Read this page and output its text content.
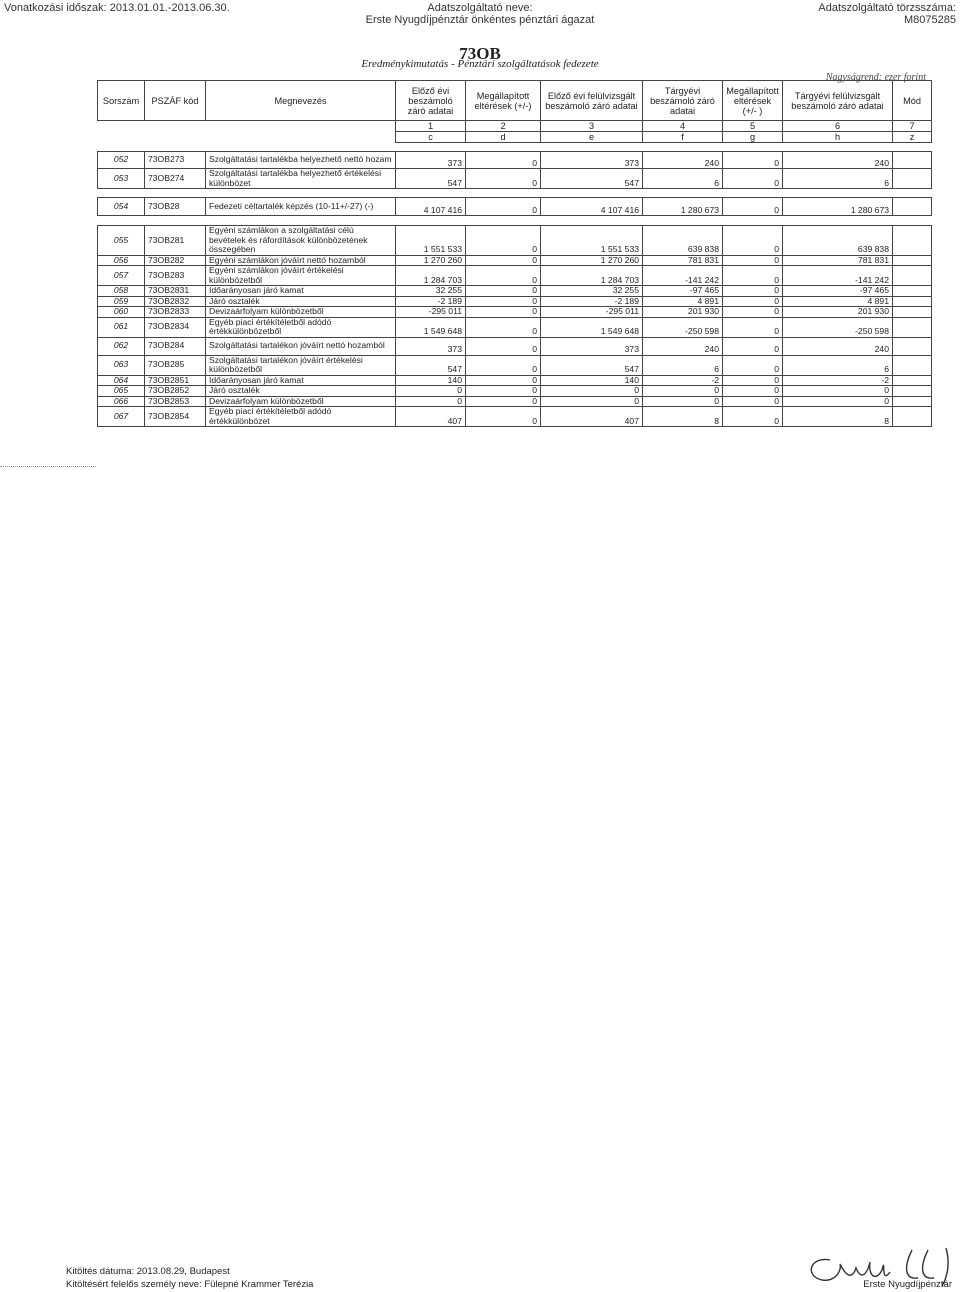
Vonatkozási időszak: 2013.01.01.-2013.06.30.	Adatszolgáltató neve:
Erste Nyugdíjpénztár önkéntes pénztári ágazat
Adatszolgáltató törzsszáma:
M8075285
73OB
Eredménykimutatás - Pénztári szolgáltatások fedezete
Nagyságrend: ezer forint
Sorszám	PSZÁF kód	Megnevezés	Előző évi beszámoló záró adatai	Megállapított eltérések (+/-)	Előző évi felülvizsgált beszámoló záró adatai	Tárgyévi beszámoló záró adatai	Megállapított eltérések (+/- )	Tárgyévi felülvizsgált beszámoló záró adatai	Mód
			1	2	3	4	5	6	7
			c	d	e	f	g	h	z

052	73OB273	Szolgáltatási tartalékba helyezhető nettó hozam	373	0	373	240	0	240	
053	73OB274	Szolgáltatási tartalékba helyezhető értékelési különbözet	547	0	547	6	0	6	

054	73OB28	Fedezeti céltartalék képzés (10-11+/-27) (-)	4 107 416	0	4 107 416	1 280 673	0	1 280 673	

055	73OB281	Egyéni számlákon a szolgáltatási célú bevételek és ráfordítások különbözetének összegében	1 551 533	0	1 551 533	639 838	0	639 838	
056	73OB282	Egyéni számlákon jóváírt nettó hozamból	1 270 260	0	1 270 260	781 831	0	781 831	
057	73OB283	Egyéni számlákon jóváírt értékelési különbözetből	1 284 703	0	1 284 703	-141 242	0	-141 242	
058	73OB2831	Időarányosan járó kamat	32 255	0	32 255	-97 465	0	-97 465	
059	73OB2832	Járó osztalék	-2 189	0	-2 189	4 891	0	4 891	
060	73OB2833	Devizaárfolyam különbözetből	-295 011	0	-295 011	201 930	0	201 930	
061	73OB2834	Egyéb piaci értékítéletből adódó értékkülönbözetből	1 549 648	0	1 549 648	-250 598	0	-250 598	
062	73OB284	Szolgáltatási tartalékon jóváírt nettó hozamból	373	0	373	240	0	240	
063	73OB285	Szolgáltatási tartalékon jóváírt értékelési különbözetből	547	0	547	6	0	6	
064	73OB2851	Időarányosan járó kamat	140	0	140	-2	0	-2	
065	73OB2852	Járó osztalék	0	0	0	0	0	0	
066	73OB2853	Devizaárfolyam különbözetből	0	0	0	0	0	0	
067	73OB2854	Egyéb piaci értékítéletből adódó értékkülönbözet	407	0	407	8	0	8	
Kitöltés dátuma: 2013.08.29, Budapest
Kitöltésért felelős személy neve: Fülepné Krammer Terézia	Erste Nyugdíjpénztár
